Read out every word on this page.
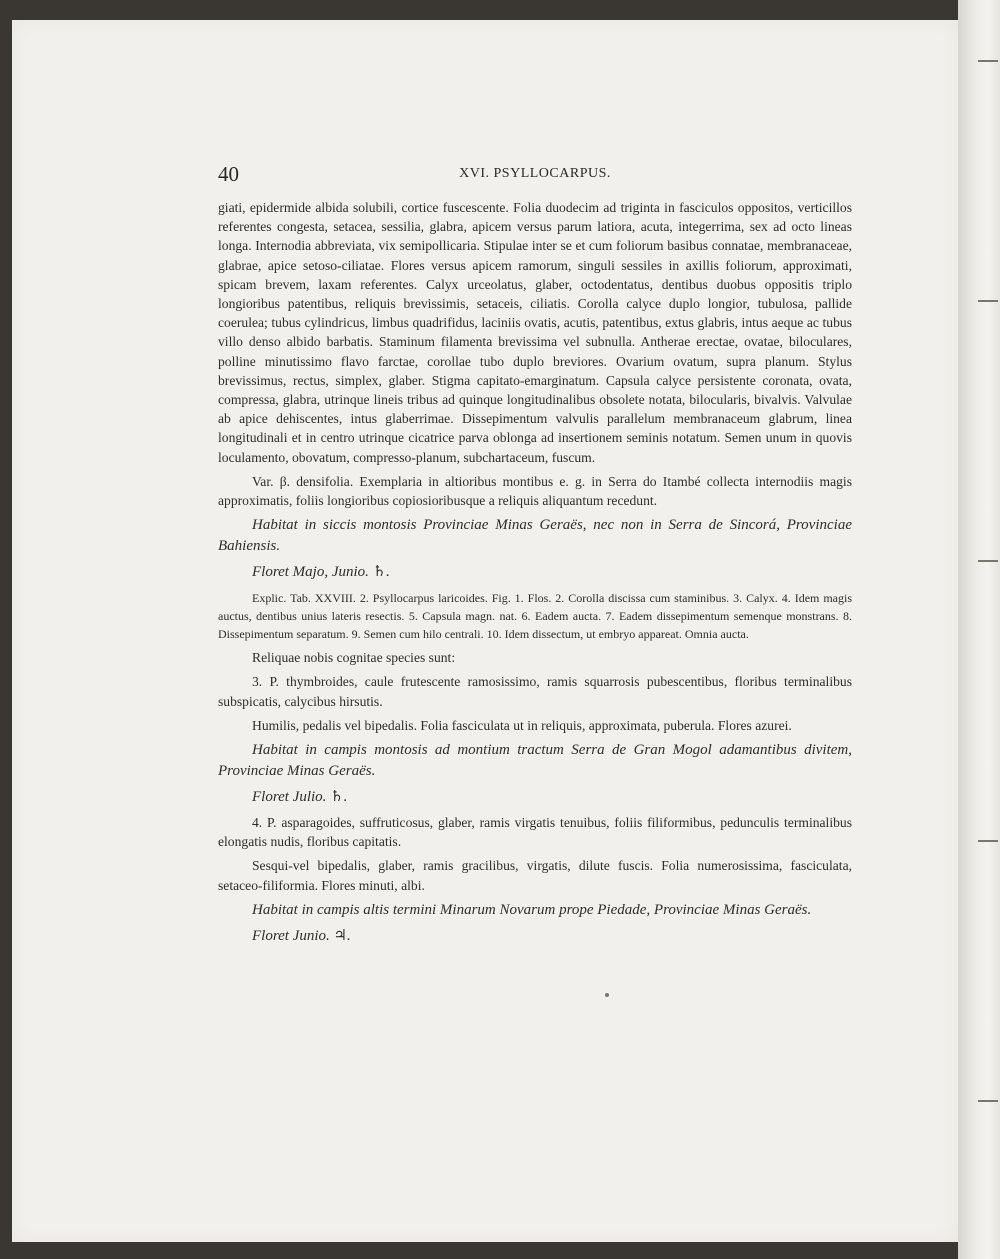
40	XVI. PSYLLOCARPUS.

giati, epidermide albida solubili, cortice fuscescente. Folia duodecim ad triginta in fasciculos oppositos, verticillos referentes congesta, setacea, sessilia, glabra, apicem versus parum latiora, acuta, integerrima, sex ad octo lineas longa. Internodia abbreviata, vix semipollicaria. Stipulae inter se et cum foliorum basibus connatae, membranaceae, glabrae, apice setoso-ciliatae. Flores versus apicem ramorum, singuli sessiles in axillis foliorum, approximati, spicam brevem, laxam referentes. Calyx urceolatus, glaber, octodentatus, dentibus duobus oppositis triplo longioribus patentibus, reliquis brevissimis, setaceis, ciliatis. Corolla calyce duplo longior, tubulosa, pallide coerulea; tubus cylindricus, limbus quadrifidus, laciniis ovatis, acutis, patentibus, extus glabris, intus aeque ac tubus villo denso albido barbatis. Staminum filamenta brevissima vel subnulla. Antherae erectae, ovatae, biloculares, polline minutissimo flavo farctae, corollae tubo duplo breviores. Ovarium ovatum, supra planum. Stylus brevissimus, rectus, simplex, glaber. Stigma capitato-emarginatum. Capsula calyce persistente coronata, ovata, compressa, glabra, utrinque lineis tribus ad quinque longitudinalibus obsolete notata, bilocularis, bivalvis. Valvulae ab apice dehiscentes, intus glaberrimae. Dissepimentum valvulis parallelum membranaceum glabrum, linea longitudinali et in centro utrinque cicatrice parva oblonga ad insertionem seminis notatum. Semen unum in quovis loculamento, obovatum, compresso-planum, subchartaceum, fuscum.

Var. β. densifolia. Exemplaria in altioribus montibus e. g. in Serra do Itambé collecta internodiis magis approximatis, foliis longioribus copiosioribusque a reliquis aliquantum recedunt.

Habitat in siccis montosis Provinciae Minas Geraës, nec non in Serra de Sincorá, Provinciae Bahiensis.

Floret Majo, Junio. ♄.

Explic. Tab. XXVIII. 2. Psyllocarpus laricoides. Fig. 1. Flos. 2. Corolla discissa cum staminibus. 3. Calyx. 4. Idem magis auctus, dentibus unius lateris resectis. 5. Capsula magn. nat. 6. Eadem aucta. 7. Eadem dissepimentum semenque monstrans. 8. Dissepimentum separatum. 9. Semen cum hilo centrali. 10. Idem dissectum, ut embryo appareat. Omnia aucta.

Reliquae nobis cognitae species sunt:

3. P. thymbroides, caule frutescente ramosissimo, ramis squarrosis pubescentibus, floribus terminalibus subspicatis, calycibus hirsutis.

Humilis, pedalis vel bipedalis. Folia fasciculata ut in reliquis, approximata, puberula. Flores azurei.

Habitat in campis montosis ad montium tractum Serra de Gran Mogol adamantibus divitem, Provinciae Minas Geraës.

Floret Julio. ♄.

4. P. asparagoides, suffruticosus, glaber, ramis virgatis tenuibus, foliis filiformibus, pedunculis terminalibus elongatis nudis, floribus capitatis.

Sesqui-vel bipedalis, glaber, ramis gracilibus, virgatis, dilute fuscis. Folia numerosissima, fasciculata, setaceo-filiformia. Flores minuti, albi.

Habitat in campis altis termini Minarum Novarum prope Piedade, Provinciae Minas Geraës.

Floret Junio. ♃.
